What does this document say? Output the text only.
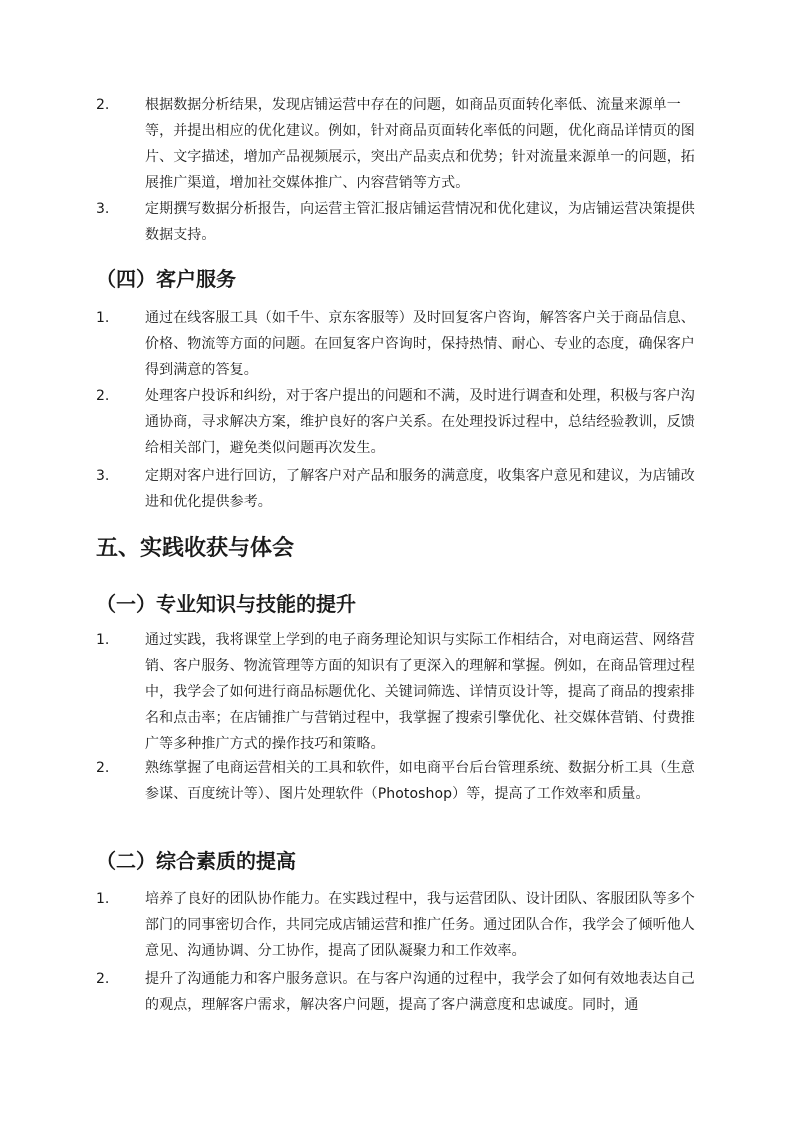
2.	根据数据分析结果，发现店铺运营中存在的问题，如商品页面转化率低、流量来源单一等，并提出相应的优化建议。例如，针对商品页面转化率低的问题，优化商品详情页的图片、文字描述，增加产品视频展示，突出产品卖点和优势；针对流量来源单一的问题，拓展推广渠道，增加社交媒体推广、内容营销等方式。
3.	定期撰写数据分析报告，向运营主管汇报店铺运营情况和优化建议，为店铺运营决策提供数据支持。
（四）客户服务
1.	通过在线客服工具（如千牛、京东客服等）及时回复客户咨询，解答客户关于商品信息、价格、物流等方面的问题。在回复客户咨询时，保持热情、耐心、专业的态度，确保客户得到满意的答复。
2.	处理客户投诉和纠纷，对于客户提出的问题和不满，及时进行调查和处理，积极与客户沟通协商，寻求解决方案，维护良好的客户关系。在处理投诉过程中，总结经验教训，反馈给相关部门，避免类似问题再次发生。
3.	定期对客户进行回访，了解客户对产品和服务的满意度，收集客户意见和建议，为店铺改进和优化提供参考。
五、实践收获与体会
（一）专业知识与技能的提升
1.	通过实践，我将课堂上学到的电子商务理论知识与实际工作相结合，对电商运营、网络营销、客户服务、物流管理等方面的知识有了更深入的理解和掌握。例如，在商品管理过程中，我学会了如何进行商品标题优化、关键词筛选、详情页设计等，提高了商品的搜索排名和点击率；在店铺推广与营销过程中，我掌握了搜索引擎优化、社交媒体营销、付费推广等多种推广方式的操作技巧和策略。
2.	熟练掌握了电商运营相关的工具和软件，如电商平台后台管理系统、数据分析工具（生意参谋、百度统计等）、图片处理软件（Photoshop）等，提高了工作效率和质量。
（二）综合素质的提高
1.	培养了良好的团队协作能力。在实践过程中，我与运营团队、设计团队、客服团队等多个部门的同事密切合作，共同完成店铺运营和推广任务。通过团队合作，我学会了倾听他人意见、沟通协调、分工协作，提高了团队凝聚力和工作效率。
2.	提升了沟通能力和客户服务意识。在与客户沟通的过程中，我学会了如何有效地表达自己的观点，理解客户需求，解决客户问题，提高了客户满意度和忠诚度。同时，通
